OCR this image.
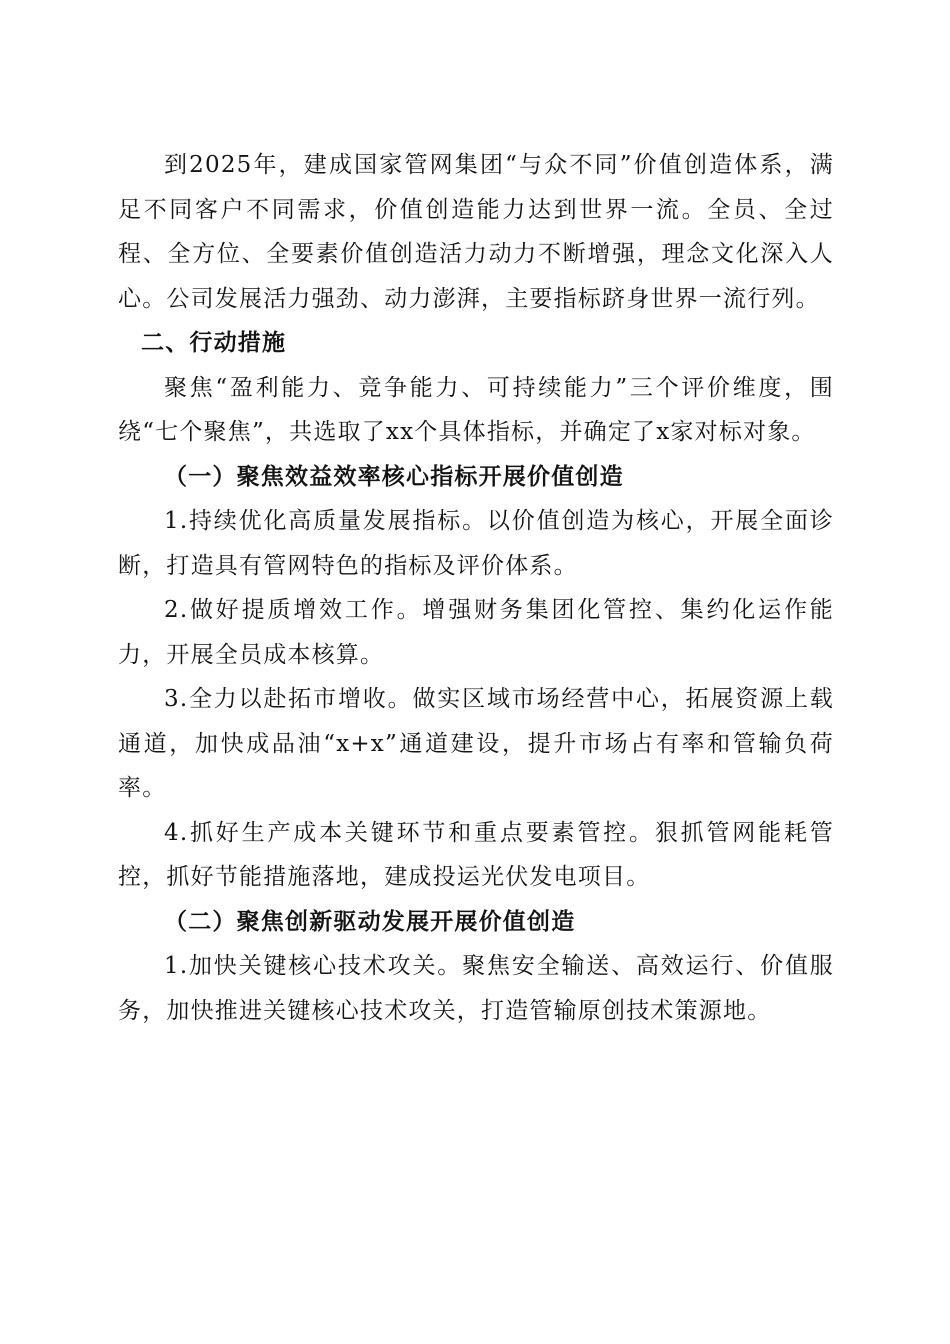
到2025年，建成国家管网集团“与众不同”价值创造体系，满足不同客户不同需求，价值创造能力达到世界一流。全员、全过程、全方位、全要素价值创造活力动力不断增强，理念文化深入人心。公司发展活力强劲、动力澎湃，主要指标跻身世界一流行列。

二、行动措施

聚焦“盈利能力、竞争能力、可持续能力”三个评价维度，围绕“七个聚焦”，共选取了xx个具体指标，并确定了x家对标对象。

（一）聚焦效益效率核心指标开展价值创造

1.持续优化高质量发展指标。以价值创造为核心，开展全面诊断，打造具有管网特色的指标及评价体系。

2.做好提质增效工作。增强财务集团化管控、集约化运作能力，开展全员成本核算。

3.全力以赴拓市增收。做实区域市场经营中心，拓展资源上载通道，加快成品油“x+x”通道建设，提升市场占有率和管输负荷率。

4.抓好生产成本关键环节和重点要素管控。狠抓管网能耗管控，抓好节能措施落地，建成投运光伏发电项目。

（二）聚焦创新驱动发展开展价值创造

1.加快关键核心技术攻关。聚焦安全输送、高效运行、价值服务，加快推进关键核心技术攻关，打造管输原创技术策源地。
